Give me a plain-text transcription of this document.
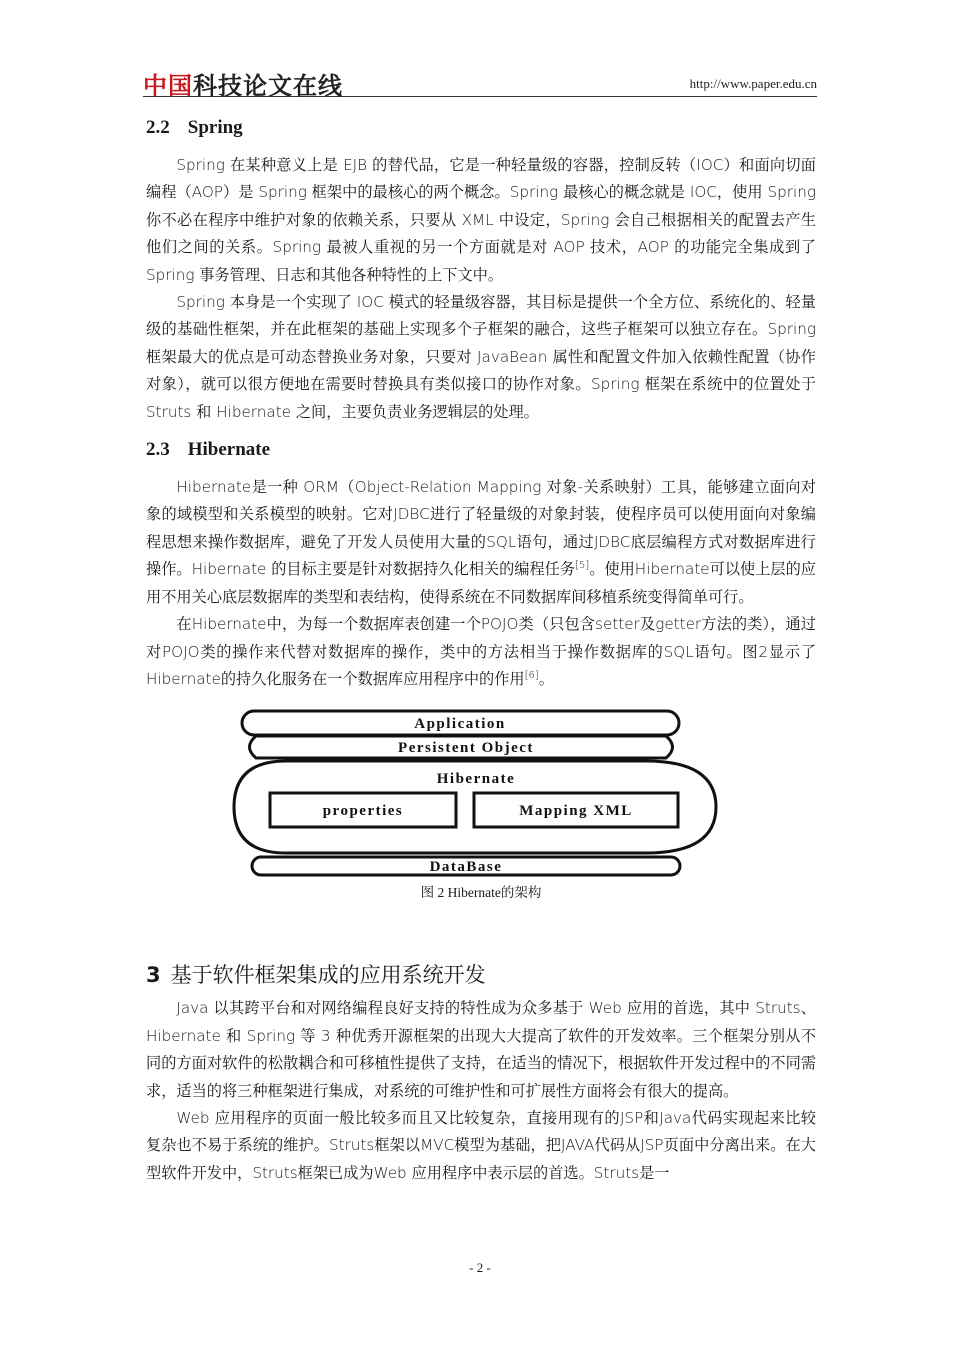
中国科技论文在线	http://www.paper.edu.cn
2.2 Spring

Spring 在某种意义上是 EJB 的替代品，它是一种轻量级的容器，控制反转（IOC）和面向切面编程（AOP）是 Spring 框架中的最核心的两个概念。Spring 最核心的概念就是 IOC，使用 Spring 你不必在程序中维护对象的依赖关系，只要从 XML 中设定，Spring 会自己根据相关的配置去产生他们之间的关系。Spring 最被人重视的另一个方面就是对 AOP 技术，AOP 的功能完全集成到了 Spring 事务管理、日志和其他各种特性的上下文中。

Spring 本身是一个实现了 IOC 模式的轻量级容器，其目标是提供一个全方位、系统化的、轻量级的基础性框架，并在此框架的基础上实现多个子框架的融合，这些子框架可以独立存在。Spring 框架最大的优点是可动态替换业务对象，只要对 JavaBean 属性和配置文件加入依赖性配置（协作对象），就可以很方便地在需要时替换具有类似接口的协作对象。Spring 框架在系统中的位置处于 Struts 和 Hibernate 之间，主要负责业务逻辑层的处理。

2.3 Hibernate

Hibernate是一种 ORM（Object-Relation Mapping 对象-关系映射）工具，能够建立面向对象的域模型和关系模型的映射。它对JDBC进行了轻量级的对象封装，使程序员可以使用面向对象编程思想来操作数据库，避免了开发人员使用大量的SQL语句，通过JDBC底层编程方式对数据库进行操作。Hibernate 的目标主要是针对数据持久化相关的编程任务[5]。使用Hibernate可以使上层的应用不用关心底层数据库的类型和表结构，使得系统在不同数据库间移植系统变得简单可行。

在Hibernate中，为每一个数据库表创建一个POJO类（只包含setter及getter方法的类），通过对POJO类的操作来代替对数据库的操作，类中的方法相当于操作数据库的SQL语句。图2显示了Hibernate的持久化服务在一个数据库应用程序中的作用[6]。

Application
Persistent Object
Hibernate
properties	Mapping XML
DataBase
图 2 Hibernate的架构
3 基于软件框架集成的应用系统开发

Java 以其跨平台和对网络编程良好支持的特性成为众多基于 Web 应用的首选，其中 Struts、Hibernate 和 Spring 等 3 种优秀开源框架的出现大大提高了软件的开发效率。三个框架分别从不同的方面对软件的松散耦合和可移植性提供了支持，在适当的情况下，根据软件开发过程中的不同需求，适当的将三种框架进行集成，对系统的可维护性和可扩展性方面将会有很大的提高。

Web 应用程序的页面一般比较多而且又比较复杂，直接用现有的JSP和Java代码实现起来比较复杂也不易于系统的维护。Struts框架以MVC模型为基础，把JAVA代码从JSP页面中分离出来。在大型软件开发中，Struts框架已成为Web 应用程序中表示层的首选。Struts是一

- 2 -
